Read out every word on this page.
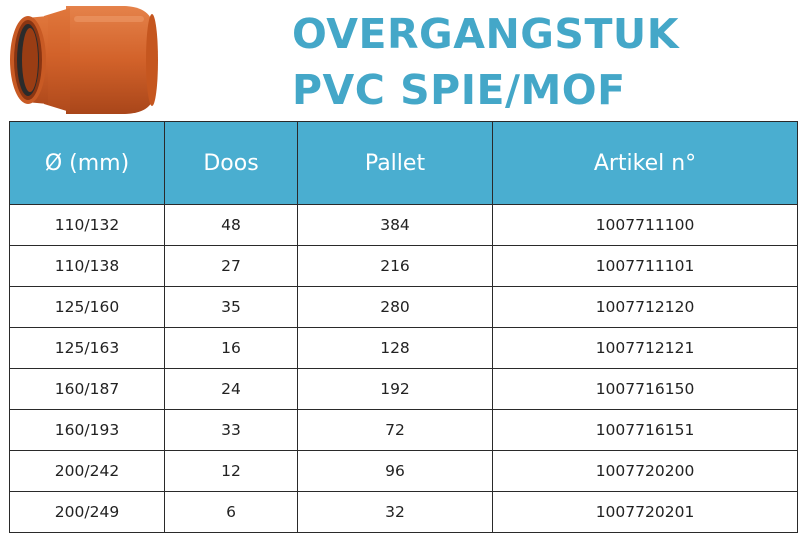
OVERGANGSTUK
PVC SPIE/MOF
Ø (mm)	Doos	Pallet	Artikel n°
110/132	48	384	1007711100
110/138	27	216	1007711101
125/160	35	280	1007712120
125/163	16	128	1007712121
160/187	24	192	1007716150
160/193	33	72	1007716151
200/242	12	96	1007720200
200/249	6	32	1007720201
